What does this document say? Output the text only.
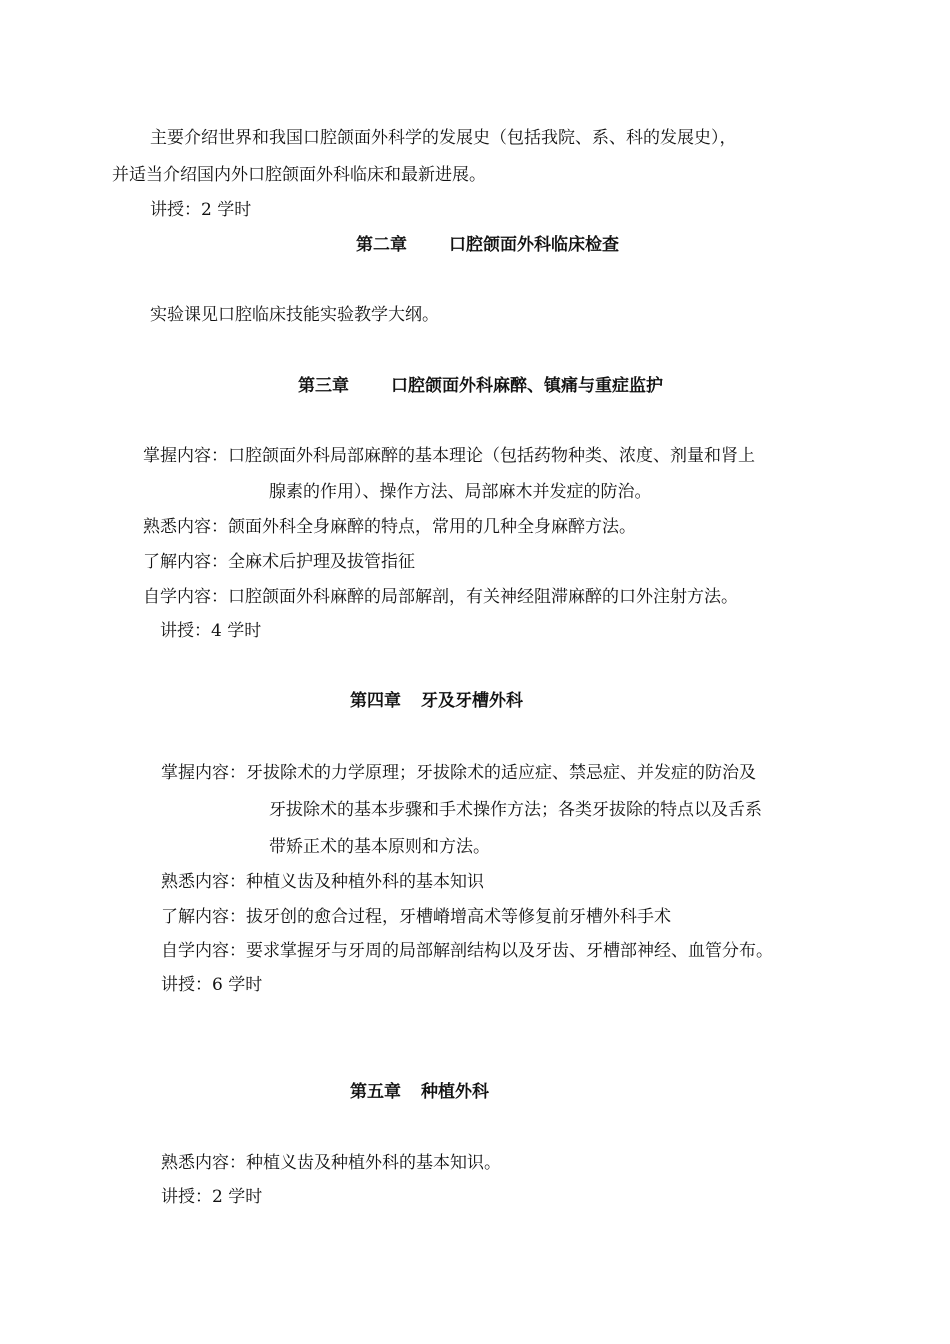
主要介绍世界和我国口腔颌面外科学的发展史（包括我院、系、科的发展史），
并适当介绍国内外口腔颌面外科临床和最新进展。
讲授：2 学时
第二章 口腔颌面外科临床检查
实验课见口腔临床技能实验教学大纲。
第三章 口腔颌面外科麻醉、镇痛与重症监护
掌握内容：口腔颌面外科局部麻醉的基本理论（包括药物种类、浓度、剂量和肾上
腺素的作用）、操作方法、局部麻木并发症的防治。
熟悉内容：颌面外科全身麻醉的特点，常用的几种全身麻醉方法。
了解内容：全麻术后护理及拔管指征
自学内容：口腔颌面外科麻醉的局部解剖，有关神经阻滞麻醉的口外注射方法。
讲授：4 学时
第四章 牙及牙槽外科
掌握内容：牙拔除术的力学原理；牙拔除术的适应症、禁忌症、并发症的防治及
牙拔除术的基本步骤和手术操作方法；各类牙拔除的特点以及舌系
带矫正术的基本原则和方法。
熟悉内容：种植义齿及种植外科的基本知识
了解内容：拔牙创的愈合过程，牙槽嵴增高术等修复前牙槽外科手术
自学内容：要求掌握牙与牙周的局部解剖结构以及牙齿、牙槽部神经、血管分布。
讲授：6 学时
第五章 种植外科
熟悉内容：种植义齿及种植外科的基本知识。
讲授：2 学时
